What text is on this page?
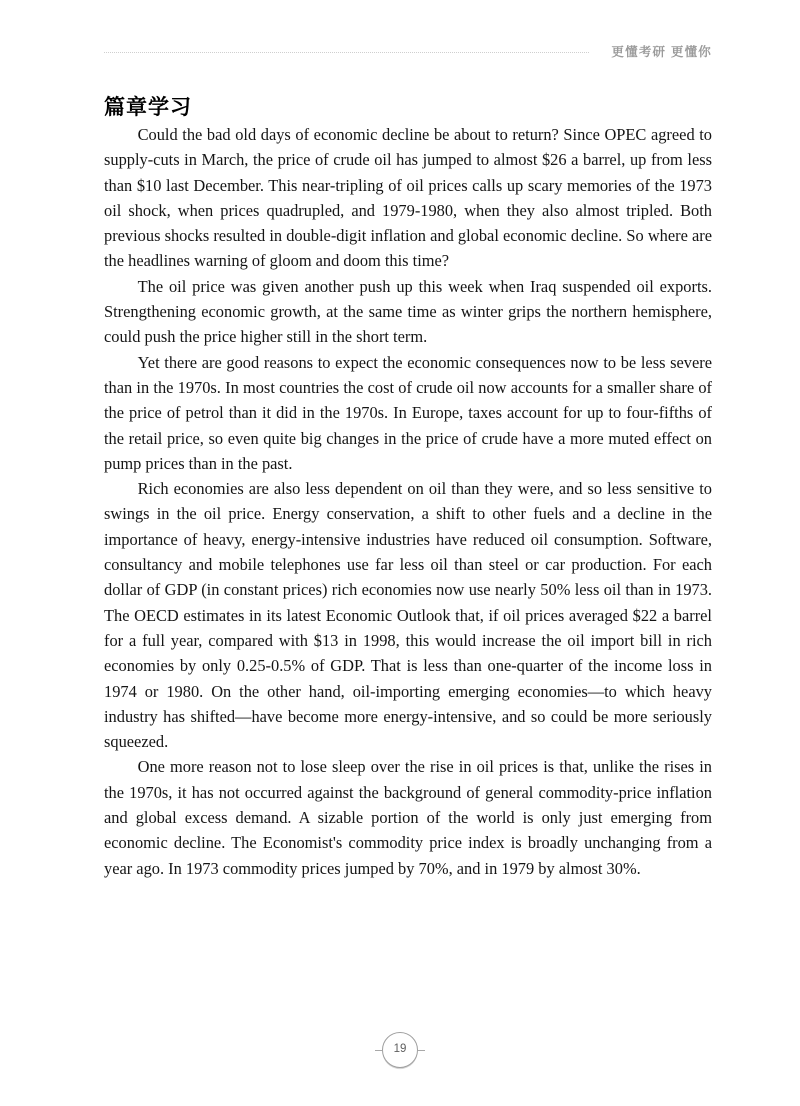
更懂考研 更懂你
篇章学习

Could the bad old days of economic decline be about to return? Since OPEC agreed to supply-cuts in March, the price of crude oil has jumped to almost $26 a barrel, up from less than $10 last December. This near-tripling of oil prices calls up scary memories of the 1973 oil shock, when prices quadrupled, and 1979-1980, when they also almost tripled. Both previous shocks resulted in double-digit inflation and global economic decline. So where are the headlines warning of gloom and doom this time?

The oil price was given another push up this week when Iraq suspended oil exports. Strengthening economic growth, at the same time as winter grips the northern hemisphere, could push the price higher still in the short term.

Yet there are good reasons to expect the economic consequences now to be less severe than in the 1970s. In most countries the cost of crude oil now accounts for a smaller share of the price of petrol than it did in the 1970s. In Europe, taxes account for up to four-fifths of the retail price, so even quite big changes in the price of crude have a more muted effect on pump prices than in the past.

Rich economies are also less dependent on oil than they were, and so less sensitive to swings in the oil price. Energy conservation, a shift to other fuels and a decline in the importance of heavy, energy-intensive industries have reduced oil consumption. Software, consultancy and mobile telephones use far less oil than steel or car production. For each dollar of GDP (in constant prices) rich economies now use nearly 50% less oil than in 1973. The OECD estimates in its latest Economic Outlook that, if oil prices averaged $22 a barrel for a full year, compared with $13 in 1998, this would increase the oil import bill in rich economies by only 0.25-0.5% of GDP. That is less than one-quarter of the income loss in 1974 or 1980. On the other hand, oil-importing emerging economies—to which heavy industry has shifted—have become more energy-intensive, and so could be more seriously squeezed.

One more reason not to lose sleep over the rise in oil prices is that, unlike the rises in the 1970s, it has not occurred against the background of general commodity-price inflation and global excess demand. A sizable portion of the world is only just emerging from economic decline. The Economist's commodity price index is broadly unchanging from a year ago. In 1973 commodity prices jumped by 70%, and in 1979 by almost 30%.

19
